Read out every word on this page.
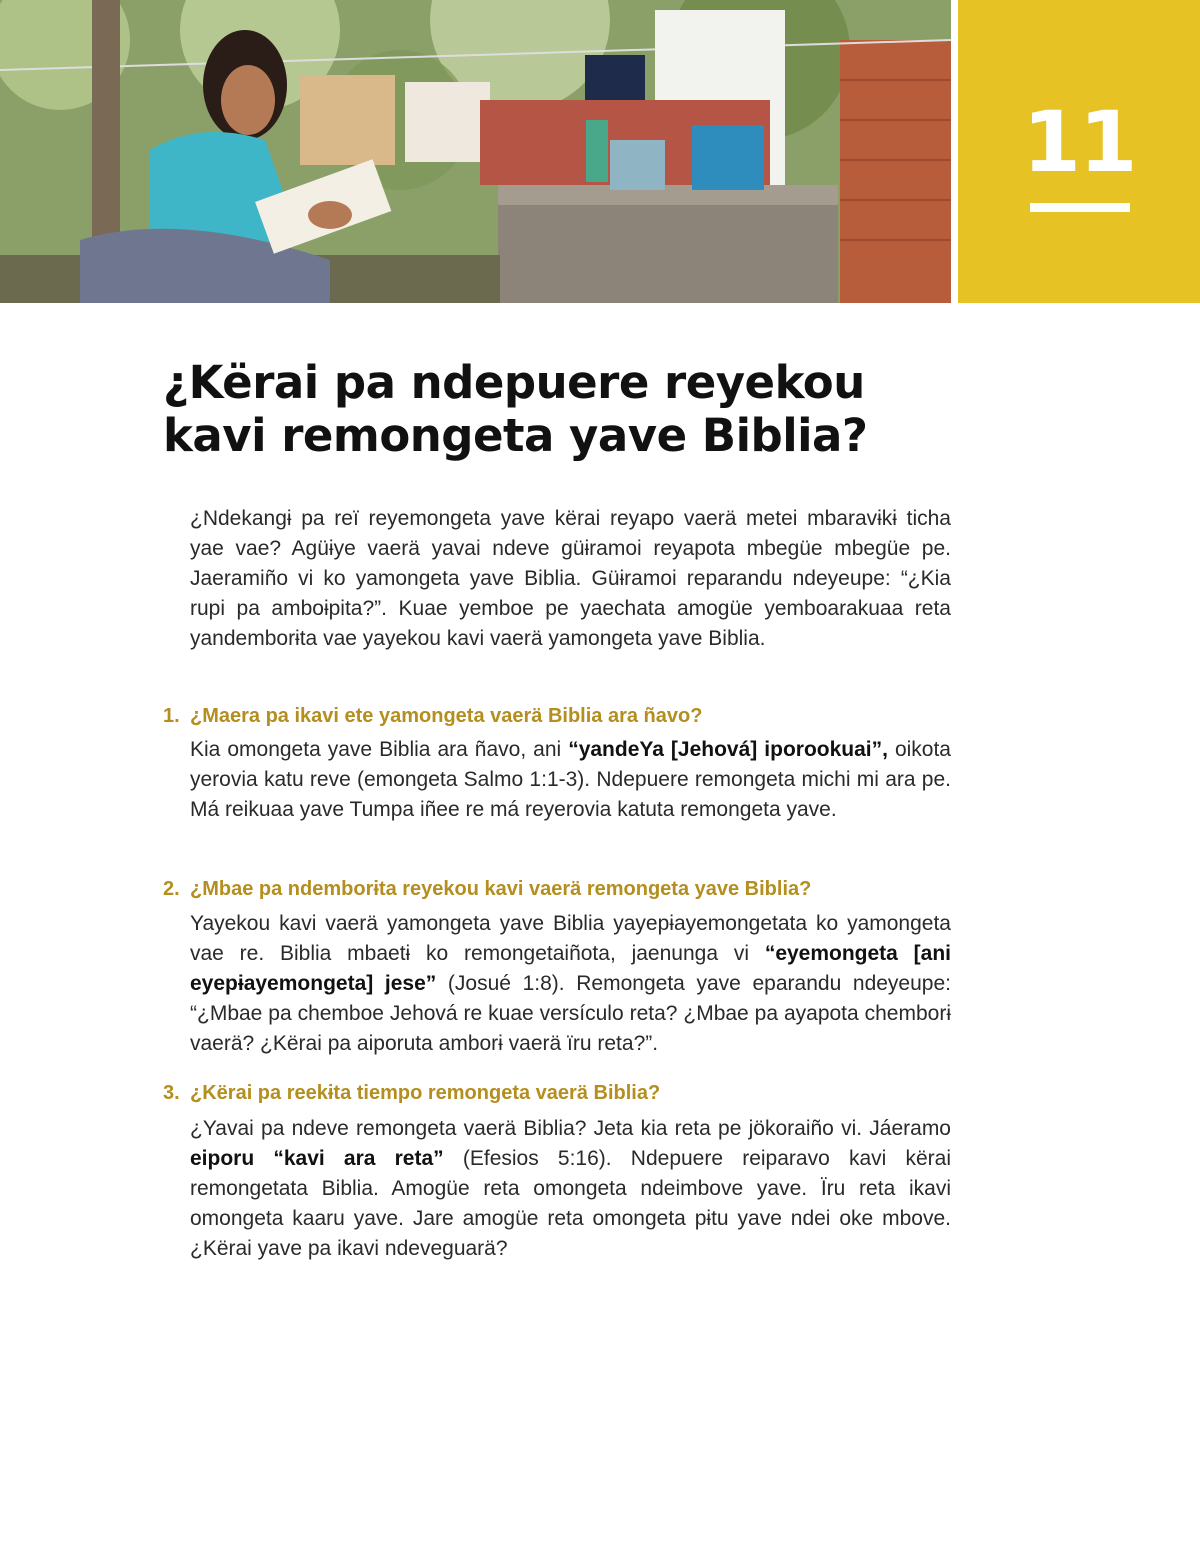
11
¿Kërai pa ndepuere reyekou
kavi remongeta yave Biblia?

¿Ndekangɨ pa reï reyemongeta yave kërai reyapo vaerä metei mbaravɨkɨ ticha yae vae? Agüɨye vaerä yavai ndeve güɨramoi reyapota mbegüe mbegüe pe. Jaeramiño vi ko yamongeta yave Biblia. Güɨramoi reparandu ndeyeupe: “¿Kia rupi pa amboɨpita?”. Kuae yemboe pe yaechata amogüe yemboarakuaa reta yandemborɨta vae yayekou kavi vaerä yamongeta yave Biblia.

1. ¿Maera pa ikavi ete yamongeta vaerä Biblia ara ñavo?

Kia omongeta yave Biblia ara ñavo, ani “yandeYa [Jehová] iporookuai”, oikota yerovia katu reve (emongeta Salmo 1:1-3). Ndepuere remongeta michi mi ara pe. Má reikuaa yave Tumpa iñee re má reyerovia katuta remongeta yave.

2. ¿Mbae pa ndemborɨta reyekou kavi vaerä remongeta yave Biblia?

Yayekou kavi vaerä yamongeta yave Biblia yayepɨayemongetata ko yamongeta vae re. Biblia mbaetɨ ko remongetaiñota, jaenunga vi “eyemongeta [ani eyepɨayemongeta] jese” (Josué 1:8). Remongeta yave eparandu ndeyeupe: “¿Mbae pa chemboe Jehová re kuae versículo reta? ¿Mbae pa ayapota chemborɨ vaerä? ¿Kërai pa aiporuta amborɨ vaerä ïru reta?”.

3. ¿Kërai pa reekɨta tiempo remongeta vaerä Biblia?

¿Yavai pa ndeve remongeta vaerä Biblia? Jeta kia reta pe jökoraiño vi. Jáeramo eiporu “kavi ara reta” (Efesios 5:16). Ndepuere reiparavo kavi kërai remongetata Biblia. Amogüe reta omongeta ndeimbove yave. Ïru reta ikavi omongeta kaaru yave. Jare amogüe reta omongeta pɨtu yave ndei oke mbove. ¿Kërai yave pa ikavi ndeveguarä?
